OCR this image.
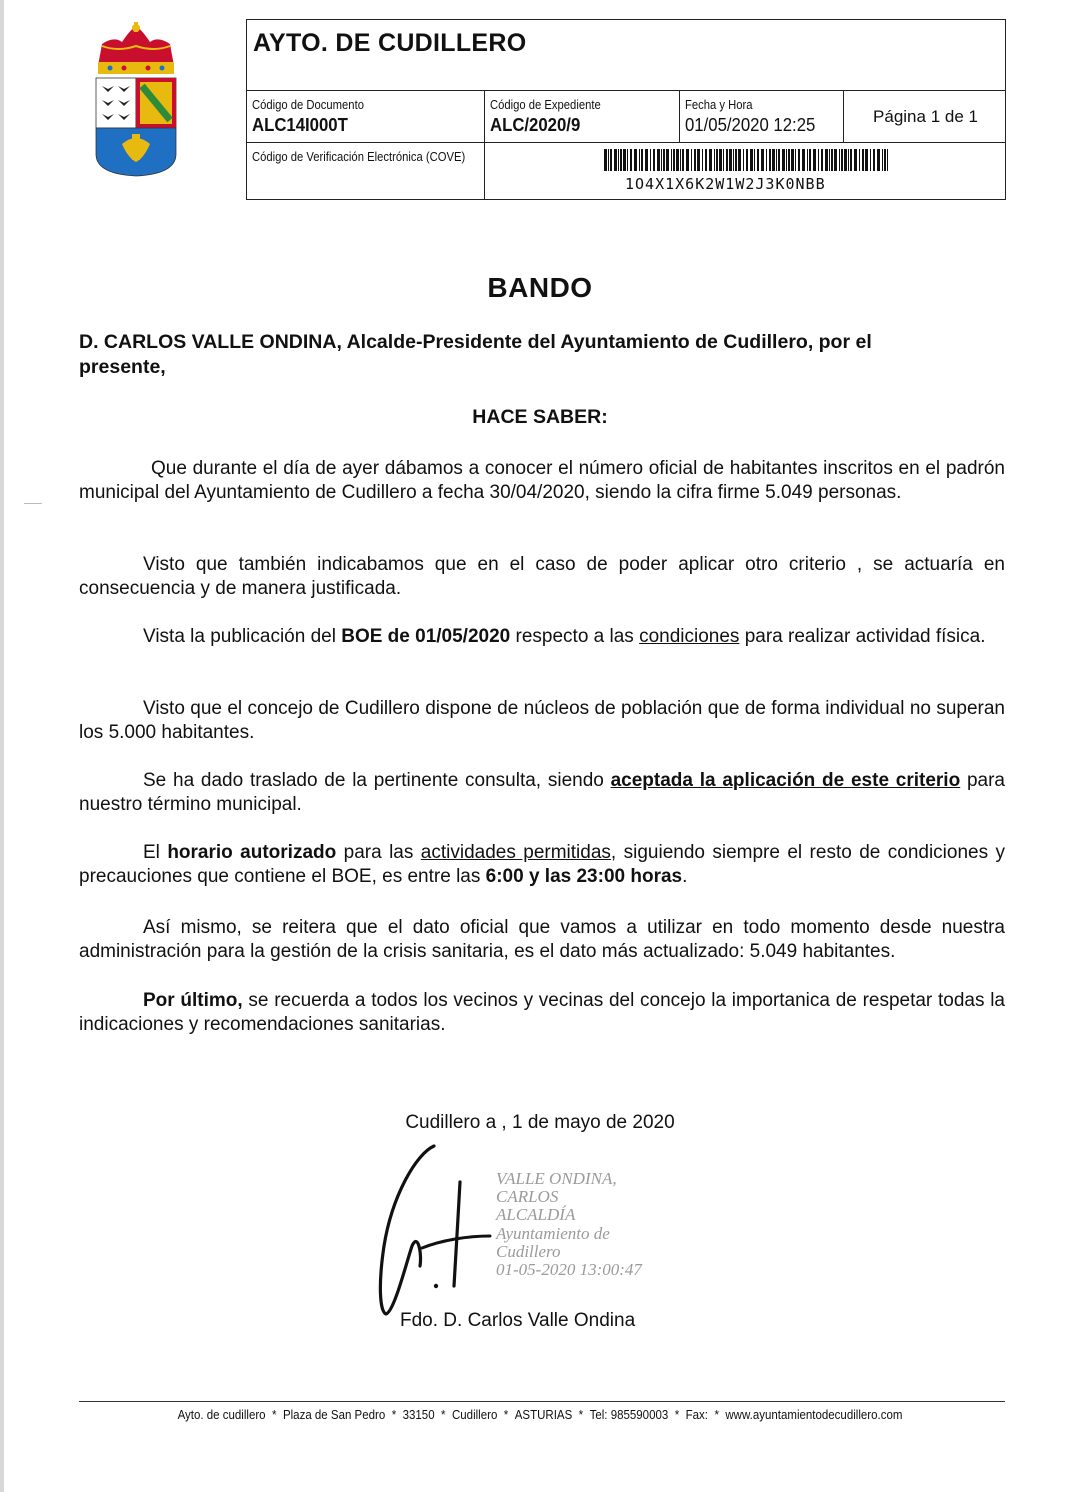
AYTO. DE CUDILLERO
Código de Documento
ALC14I000T
Código de Expediente
ALC/2020/9
Fecha y Hora
01/05/2020 12:25	Página 1 de 1
Código de Verificación Electrónica (COVE)
1O4X1X6K2W1W2J3K0NBB
BANDO
D. CARLOS VALLE ONDINA, Alcalde-Presidente del Ayuntamiento de Cudillero, por el
presente,
HACE SABER:
Que durante el día de ayer dábamos a conocer el número oficial de habitantes inscritos en el padrón municipal del Ayuntamiento de Cudillero a fecha 30/04/2020, siendo la cifra firme 5.049 personas.
Visto que también indicabamos que en el caso de poder aplicar otro criterio , se actuaría en consecuencia y de manera justificada.
Vista la publicación del BOE de 01/05/2020 respecto a las condiciones para realizar actividad física.
Visto que el concejo de Cudillero dispone de núcleos de población que de forma individual no superan los 5.000 habitantes.
Se ha dado traslado de la pertinente consulta, siendo aceptada la aplicación de este criterio para nuestro término municipal.
El horario autorizado para las actividades permitidas, siguiendo siempre el resto de condiciones y precauciones que contiene el BOE, es entre las 6:00 y las 23:00 horas.
Así mismo, se reitera que el dato oficial que vamos a utilizar en todo momento desde nuestra administración para la gestión de la crisis sanitaria, es el dato más actualizado: 5.049 habitantes.
Por último, se recuerda a todos los vecinos y vecinas del concejo la importanica de respetar todas la indicaciones y recomendaciones sanitarias.
Cudillero a , 1 de mayo de 2020
VALLE ONDINA,
CARLOS
ALCALDÍA
Ayuntamiento de
Cudillero
01-05-2020 13:00:47
Fdo. D. Carlos Valle Ondina
Ayto. de cudillero * Plaza de San Pedro * 33150 * Cudillero * ASTURIAS * Tel: 985590003 * Fax: * www.ayuntamientodecudillero.com
